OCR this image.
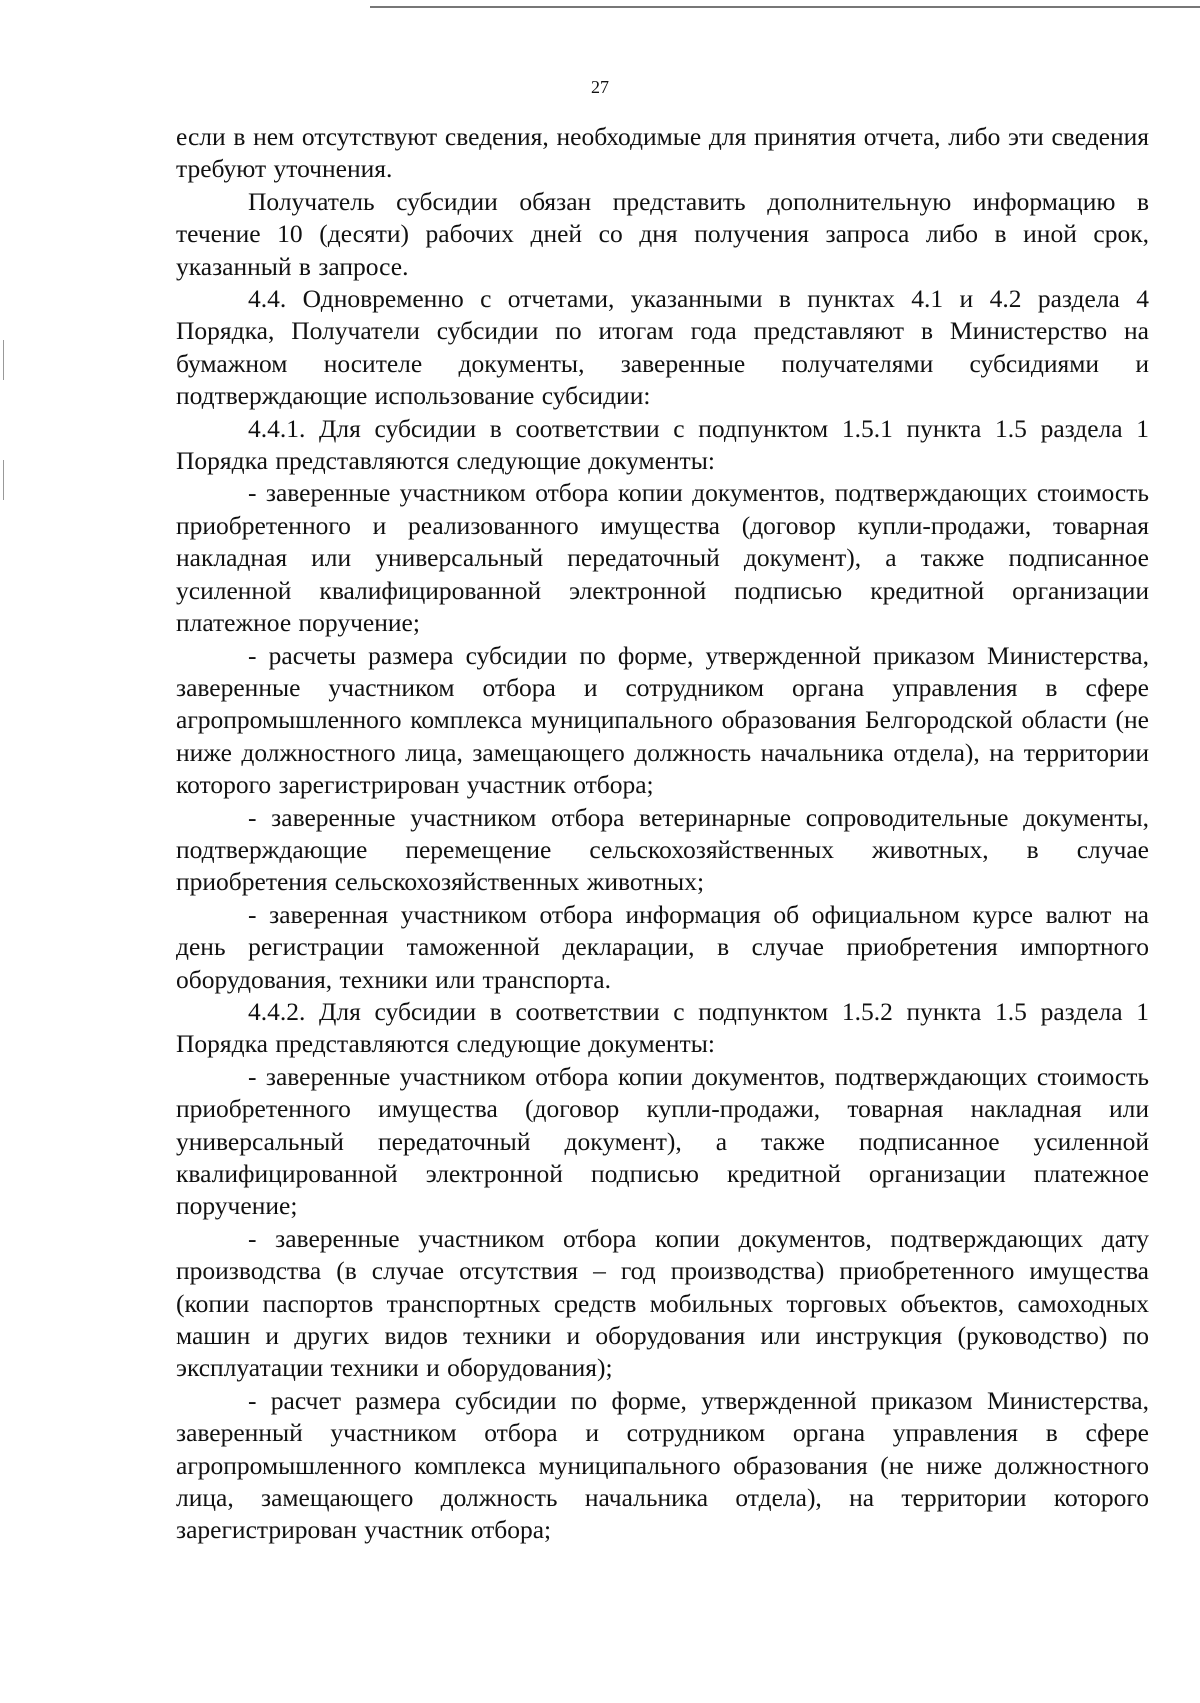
27

если в нем отсутствуют сведения, необходимые для принятия отчета, либо эти сведения требуют уточнения.

Получатель субсидии обязан представить дополнительную информацию в течение 10 (десяти) рабочих дней со дня получения запроса либо в иной срок, указанный в запросе.

4.4. Одновременно с отчетами, указанными в пунктах 4.1 и 4.2 раздела 4 Порядка, Получатели субсидии по итогам года представляют в Министерство на бумажном носителе документы, заверенные получателями субсидиями и подтверждающие использование субсидии:

4.4.1. Для субсидии в соответствии с подпунктом 1.5.1 пункта 1.5 раздела 1 Порядка представляются следующие документы:

- заверенные участником отбора копии документов, подтверждающих стоимость приобретенного и реализованного имущества (договор купли-продажи, товарная накладная или универсальный передаточный документ), а также подписанное усиленной квалифицированной электронной подписью кредитной организации платежное поручение;

- расчеты размера субсидии по форме, утвержденной приказом Министерства, заверенные участником отбора и сотрудником органа управления в сфере агропромышленного комплекса муниципального образования Белгородской области (не ниже должностного лица, замещающего должность начальника отдела), на территории которого зарегистрирован участник отбора;

- заверенные участником отбора ветеринарные сопроводительные документы, подтверждающие перемещение сельскохозяйственных животных, в случае приобретения сельскохозяйственных животных;

- заверенная участником отбора информация об официальном курсе валют на день регистрации таможенной декларации, в случае приобретения импортного оборудования, техники или транспорта.

4.4.2. Для субсидии в соответствии с подпунктом 1.5.2 пункта 1.5 раздела 1 Порядка представляются следующие документы:

- заверенные участником отбора копии документов, подтверждающих стоимость приобретенного имущества (договор купли-продажи, товарная накладная или универсальный передаточный документ), а также подписанное усиленной квалифицированной электронной подписью кредитной организации платежное поручение;

- заверенные участником отбора копии документов, подтверждающих дату производства (в случае отсутствия – год производства) приобретенного имущества (копии паспортов транспортных средств мобильных торговых объектов, самоходных машин и других видов техники и оборудования или инструкция (руководство) по эксплуатации техники и оборудования);

- расчет размера субсидии по форме, утвержденной приказом Министерства, заверенный участником отбора и сотрудником органа управления в сфере агропромышленного комплекса муниципального образования (не ниже должностного лица, замещающего должность начальника отдела), на территории которого зарегистрирован участник отбора;
